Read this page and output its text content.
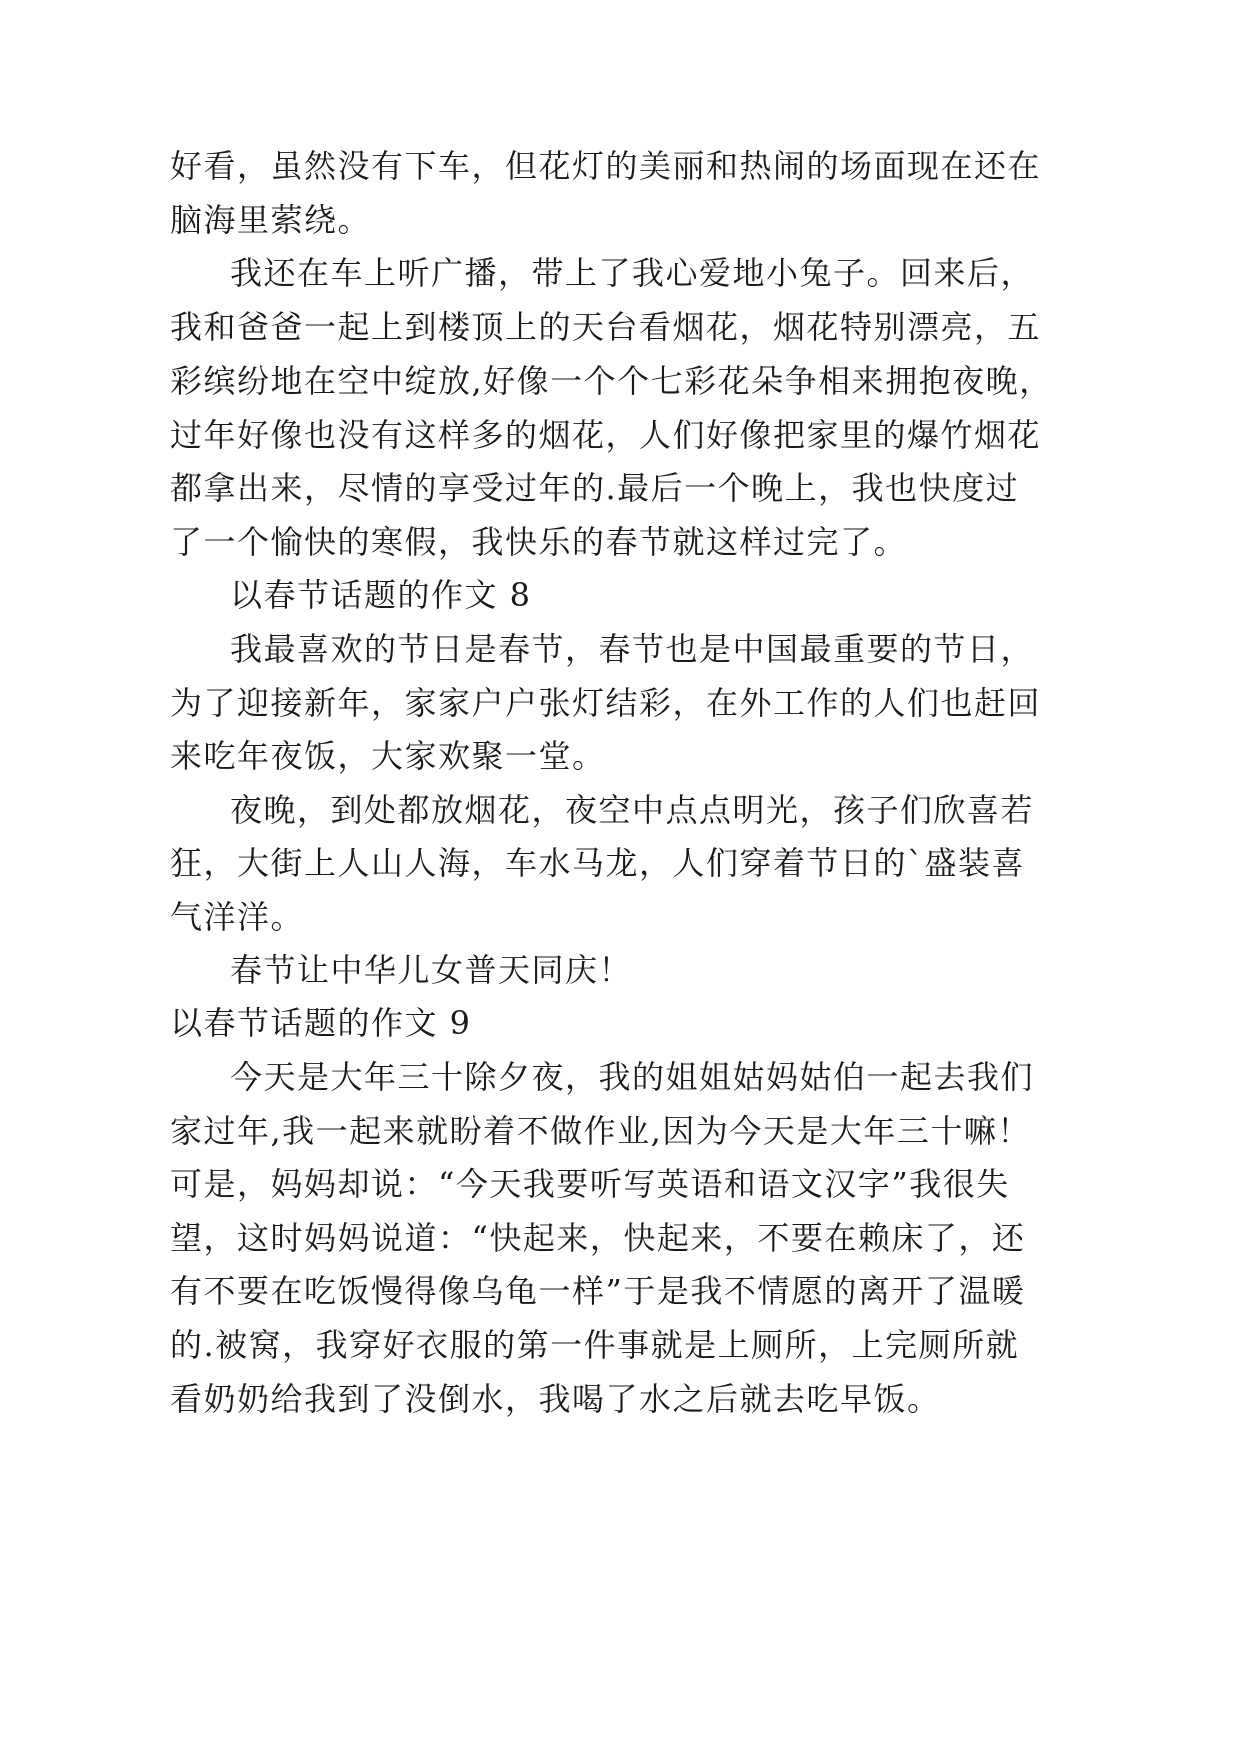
好看，虽然没有下车，但花灯的美丽和热闹的场面现在还在
脑海里萦绕。
我还在车上听广播，带上了我心爱地小兔子。回来后，
我和爸爸一起上到楼顶上的天台看烟花，烟花特别漂亮，五
彩缤纷地在空中绽放,好像一个个七彩花朵争相来拥抱夜晚，
过年好像也没有这样多的烟花，人们好像把家里的爆竹烟花
都拿出来，尽情的享受过年的.最后一个晚上，我也快度过
了一个愉快的寒假，我快乐的春节就这样过完了。
以春节话题的作文 8
我最喜欢的节日是春节，春节也是中国最重要的节日，
为了迎接新年，家家户户张灯结彩，在外工作的人们也赶回
来吃年夜饭，大家欢聚一堂。
夜晚，到处都放烟花，夜空中点点明光，孩子们欣喜若
狂，大街上人山人海，车水马龙，人们穿着节日的`盛装喜
气洋洋。
春节让中华儿女普天同庆！
以春节话题的作文 9
今天是大年三十除夕夜，我的姐姐姑妈姑伯一起去我们
家过年,我一起来就盼着不做作业,因为今天是大年三十嘛！
可是，妈妈却说：“今天我要听写英语和语文汉字”我很失
望，这时妈妈说道：“快起来，快起来，不要在赖床了，还
有不要在吃饭慢得像乌龟一样”于是我不情愿的离开了温暖
的.被窝，我穿好衣服的第一件事就是上厕所，上完厕所就
看奶奶给我到了没倒水，我喝了水之后就去吃早饭。
